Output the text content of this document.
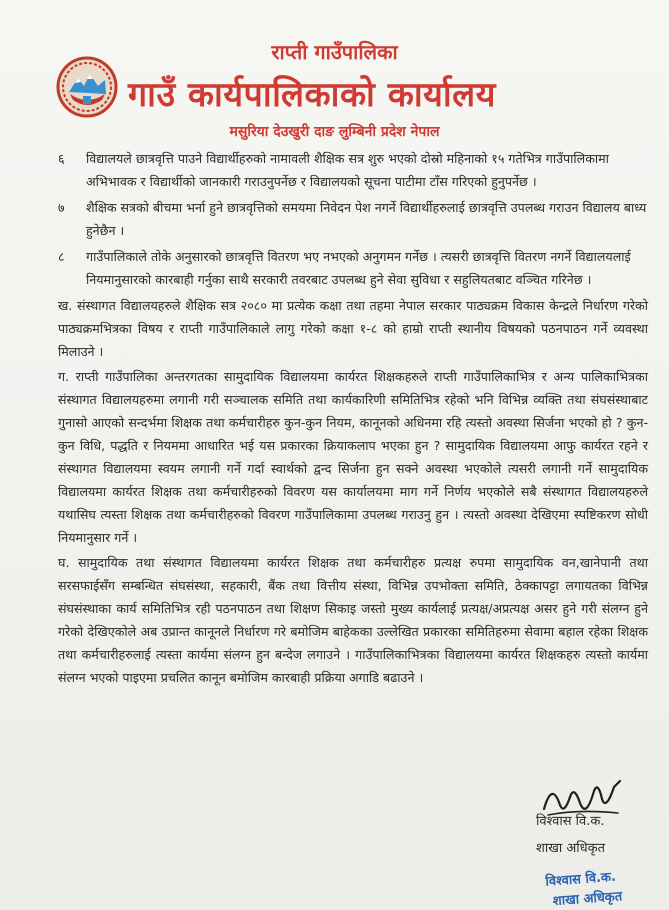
राप्ती गाउँपालिका
गाउँ कार्यपालिकाको कार्यालय
मसुरिया देउखुरी दाङ लुम्बिनी प्रदेश नेपाल
६	विद्यालयले छात्रवृत्ति पाउने विद्यार्थीहरुको नामावली शैक्षिक सत्र शुरु भएको दोस्रो महिनाको १५ गतेभित्र गाउँपालिकामा अभिभावक र विद्यार्थीको जानकारी गराउनुपर्नेछ र विद्यालयको सूचना पाटीमा टाँस गरिएको हुनुपर्नेछ ।
७	शैक्षिक सत्रको बीचमा भर्ना हुने छात्रवृत्तिको समयमा निवेदन पेश नगर्ने विद्यार्थीहरुलाई छात्रवृत्ति उपलब्ध गराउन विद्यालय बाध्य हुनेछैन ।
८	गाउँपालिकाले तोके अनुसारको छात्रवृत्ति वितरण भए नभएको अनुगमन गर्नेछ । त्यसरी छात्रवृत्ति वितरण नगर्ने विद्यालयलाई नियमानुसारको कारबाही गर्नुका साथै सरकारी तवरबाट उपलब्ध हुने सेवा सुविधा र सहुलियतबाट वञ्चित गरिनेछ ।
ख. संस्थागत विद्यालयहरुले शैक्षिक सत्र २०८० मा प्रत्येक कक्षा तथा तहमा नेपाल सरकार पाठ्यक्रम विकास केन्द्रले निर्धारण गरेको पाठ्यक्रमभित्रका विषय र राप्ती गाउँपालिकाले लागु गरेको कक्षा १-८ को हाम्रो राप्ती स्थानीय विषयको पठनपाठन गर्ने व्यवस्था मिलाउने ।
ग. राप्ती गाउँपालिका अन्तरगतका सामुदायिक विद्यालयमा कार्यरत शिक्षकहरुले राप्ती गाउँपालिकाभित्र र अन्य पालिकाभित्रका संस्थागत विद्यालयहरुमा लगानी गरी सञ्चालक समिति तथा कार्यकारिणी समितिभित्र रहेको भनि विभिन्न व्यक्ति तथा संघसंस्थाबाट गुनासो आएको सन्दर्भमा शिक्षक तथा कर्मचारीहरु कुन-कुन नियम, कानूनको अधिनमा रहि त्यस्तो अवस्था सिर्जना भएको हो ? कुन-कुन विधि, पद्धति र नियममा आधारित भई यस प्रकारका क्रियाकलाप भएका हुन ? सामुदायिक विद्यालयमा आफु कार्यरत रहने र संस्थागत विद्यालयमा स्वयम लगानी गर्ने गर्दा स्वार्थको द्वन्द सिर्जना हुन सक्ने अवस्था भएकोले त्यसरी लगानी गर्ने सामुदायिक विद्यालयमा कार्यरत शिक्षक तथा कर्मचारीहरुको विवरण यस कार्यालयमा माग गर्ने निर्णय भएकोले सबै संस्थागत विद्यालयहरुले यथासिघ त्यस्ता शिक्षक तथा कर्मचारीहरुको विवरण गाउँपालिकामा उपलब्ध गराउनु हुन । त्यस्तो अवस्था देखिएमा स्पष्टिकरण सोधी नियमानुसार गर्ने ।
घ. सामुदायिक तथा संस्थागत विद्यालयमा कार्यरत शिक्षक तथा कर्मचारीहरु प्रत्यक्ष रुपमा सामुदायिक वन,खानेपानी तथा सरसफाईसँग सम्बन्धित संघसंस्था, सहकारी, बैंक तथा वित्तीय संस्था, विभिन्न उपभोक्ता समिति, ठेक्कापट्टा लगायतका विभिन्न संघसंस्थाका कार्य समितिभित्र रही पठनपाठन तथा शिक्षण सिकाइ जस्तो मुख्य कार्यलाई प्रत्यक्ष/अप्रत्यक्ष असर हुने गरी संलग्न हुने गरेको देखिएकोले अब उप्रान्त कानूनले निर्धारण गरे बमोजिम बाहेकका उल्लेखित प्रकारका समितिहरुमा सेवामा बहाल रहेका शिक्षक तथा कर्मचारीहरुलाई त्यस्ता कार्यमा संलग्न हुन बन्देज लगाउने । गाउँपालिकाभित्रका विद्यालयमा कार्यरत शिक्षकहरु त्यस्तो कार्यमा संलग्न भएको पाइएमा प्रचलित कानून बमोजिम कारबाही प्रक्रिया अगाडि बढाउने ।
विश्वास वि.क.
शाखा अधिकृत
विश्वास वि.क.
शाखा अधिकृत
